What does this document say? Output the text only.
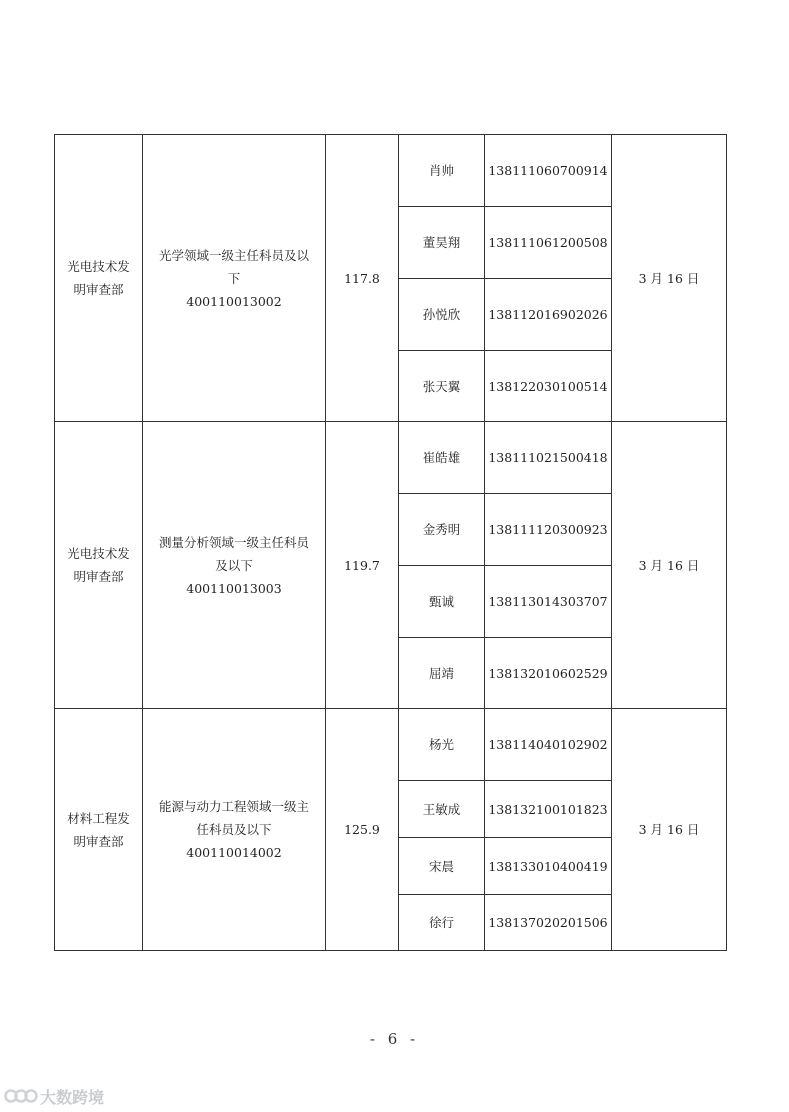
光电技术发明审查部	光学领域一级主任科员及以
下
400110013002	117.8	肖帅	138111060700914	3 月 16 日
			董昊翔	138111061200508	
			孙悦欣	138112016902026	
			张天翼	138122030100514	
光电技术发明审查部	测量分析领域一级主任科员
及以下
400110013003	119.7	崔皓雄	138111021500418	3 月 16 日
			金秀明	138111120300923	
			甄诚	138113014303707	
			屈靖	138132010602529	
材料工程发明审查部	能源与动力工程领域一级主
任科员及以下
400110014002	125.9	杨光	138114040102902	3 月 16 日
			王敏成	138132100101823	
			宋晨	138133010400419	
			徐行	138137020201506	
- 6 -
大数跨境
